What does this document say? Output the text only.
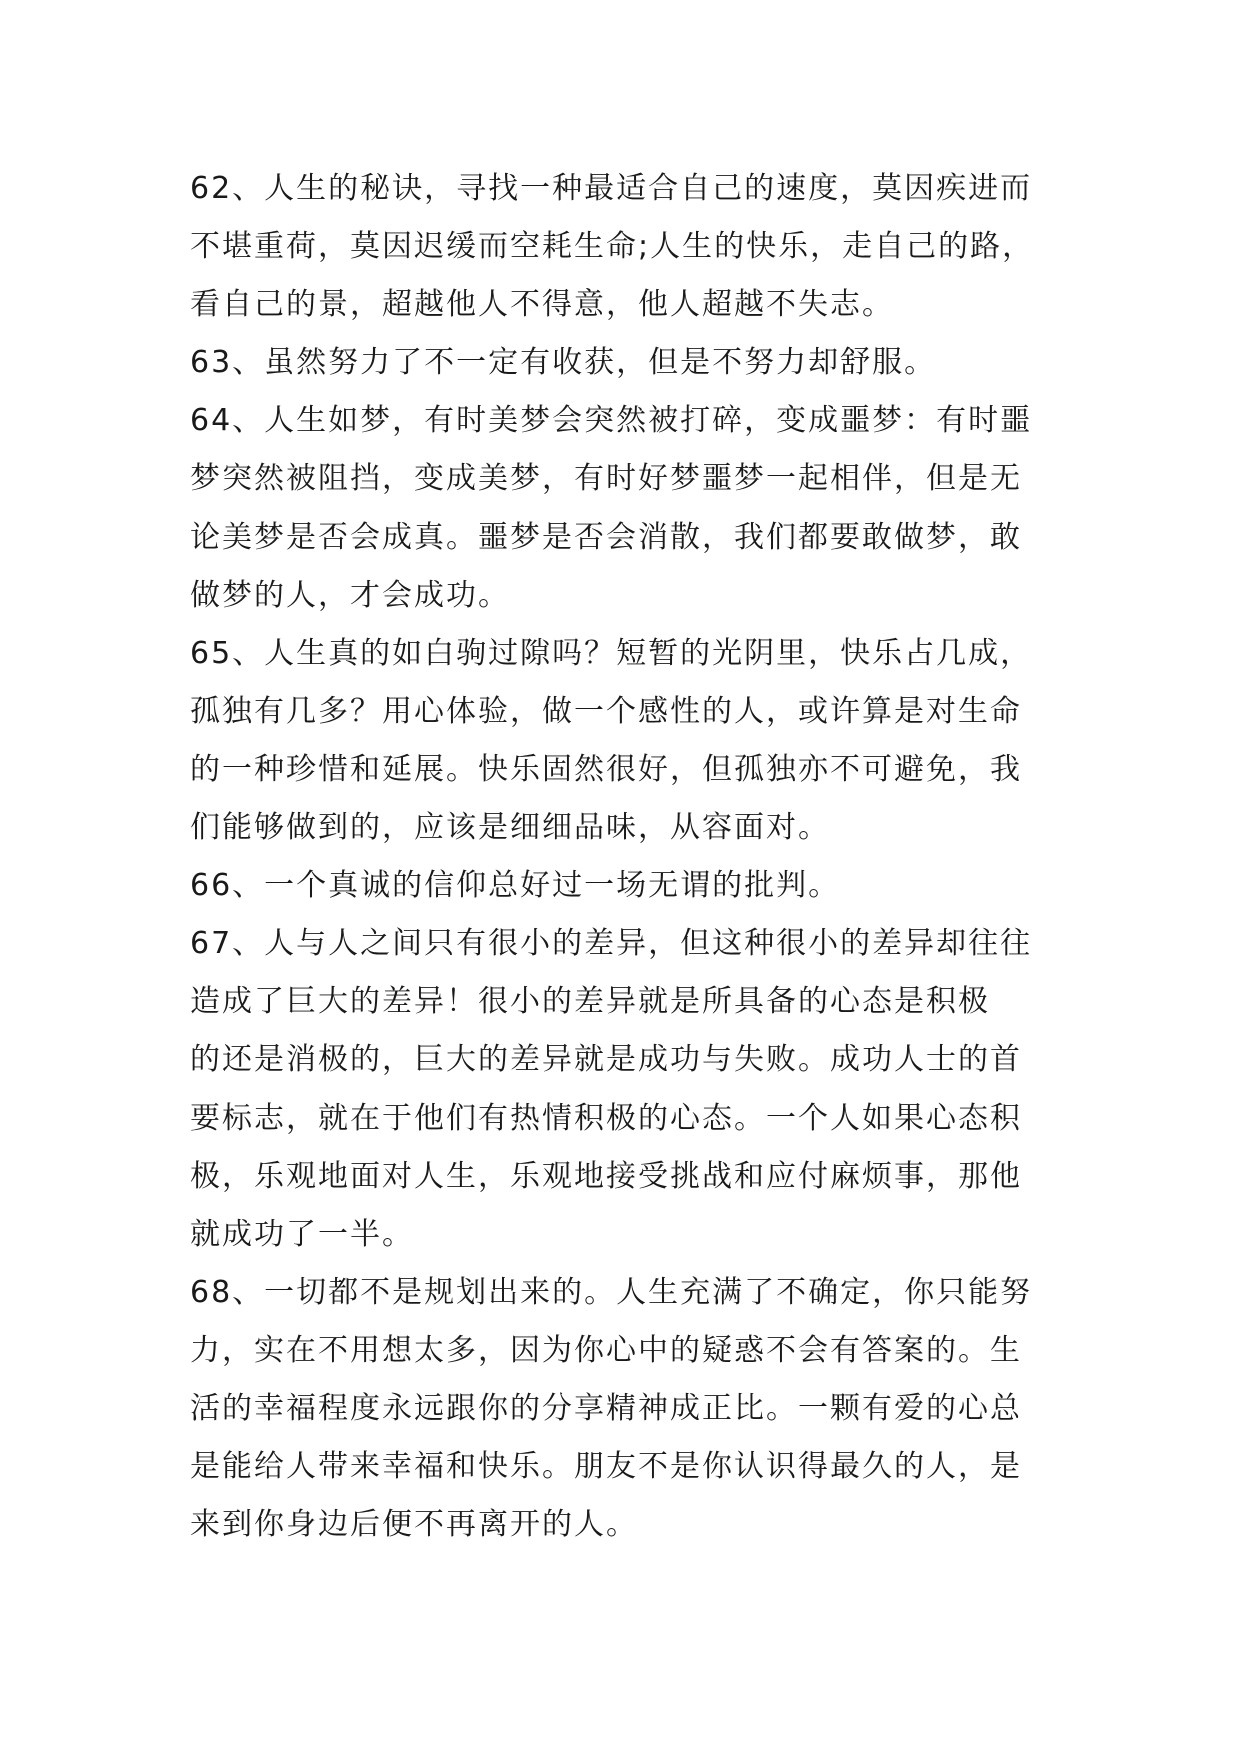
62、人生的秘诀，寻找一种最适合自己的速度，莫因疾进而
不堪重荷，莫因迟缓而空耗生命;人生的快乐，走自己的路，
看自己的景，超越他人不得意，他人超越不失志。
63、虽然努力了不一定有收获，但是不努力却舒服。
64、人生如梦，有时美梦会突然被打碎，变成噩梦：有时噩
梦突然被阻挡，变成美梦，有时好梦噩梦一起相伴，但是无
论美梦是否会成真。噩梦是否会消散，我们都要敢做梦，敢
做梦的人，才会成功。
65、人生真的如白驹过隙吗？短暂的光阴里，快乐占几成，
孤独有几多？用心体验，做一个感性的人，或许算是对生命
的一种珍惜和延展。快乐固然很好，但孤独亦不可避免，我
们能够做到的，应该是细细品味，从容面对。
66、一个真诚的信仰总好过一场无谓的批判。
67、人与人之间只有很小的差异，但这种很小的差异却往往
造成了巨大的差异！很小的差异就是所具备的心态是积极
的还是消极的，巨大的差异就是成功与失败。成功人士的首
要标志，就在于他们有热情积极的心态。一个人如果心态积
极，乐观地面对人生，乐观地接受挑战和应付麻烦事，那他
就成功了一半。
68、一切都不是规划出来的。人生充满了不确定，你只能努
力，实在不用想太多，因为你心中的疑惑不会有答案的。生
活的幸福程度永远跟你的分享精神成正比。一颗有爱的心总
是能给人带来幸福和快乐。朋友不是你认识得最久的人，是
来到你身边后便不再离开的人。
